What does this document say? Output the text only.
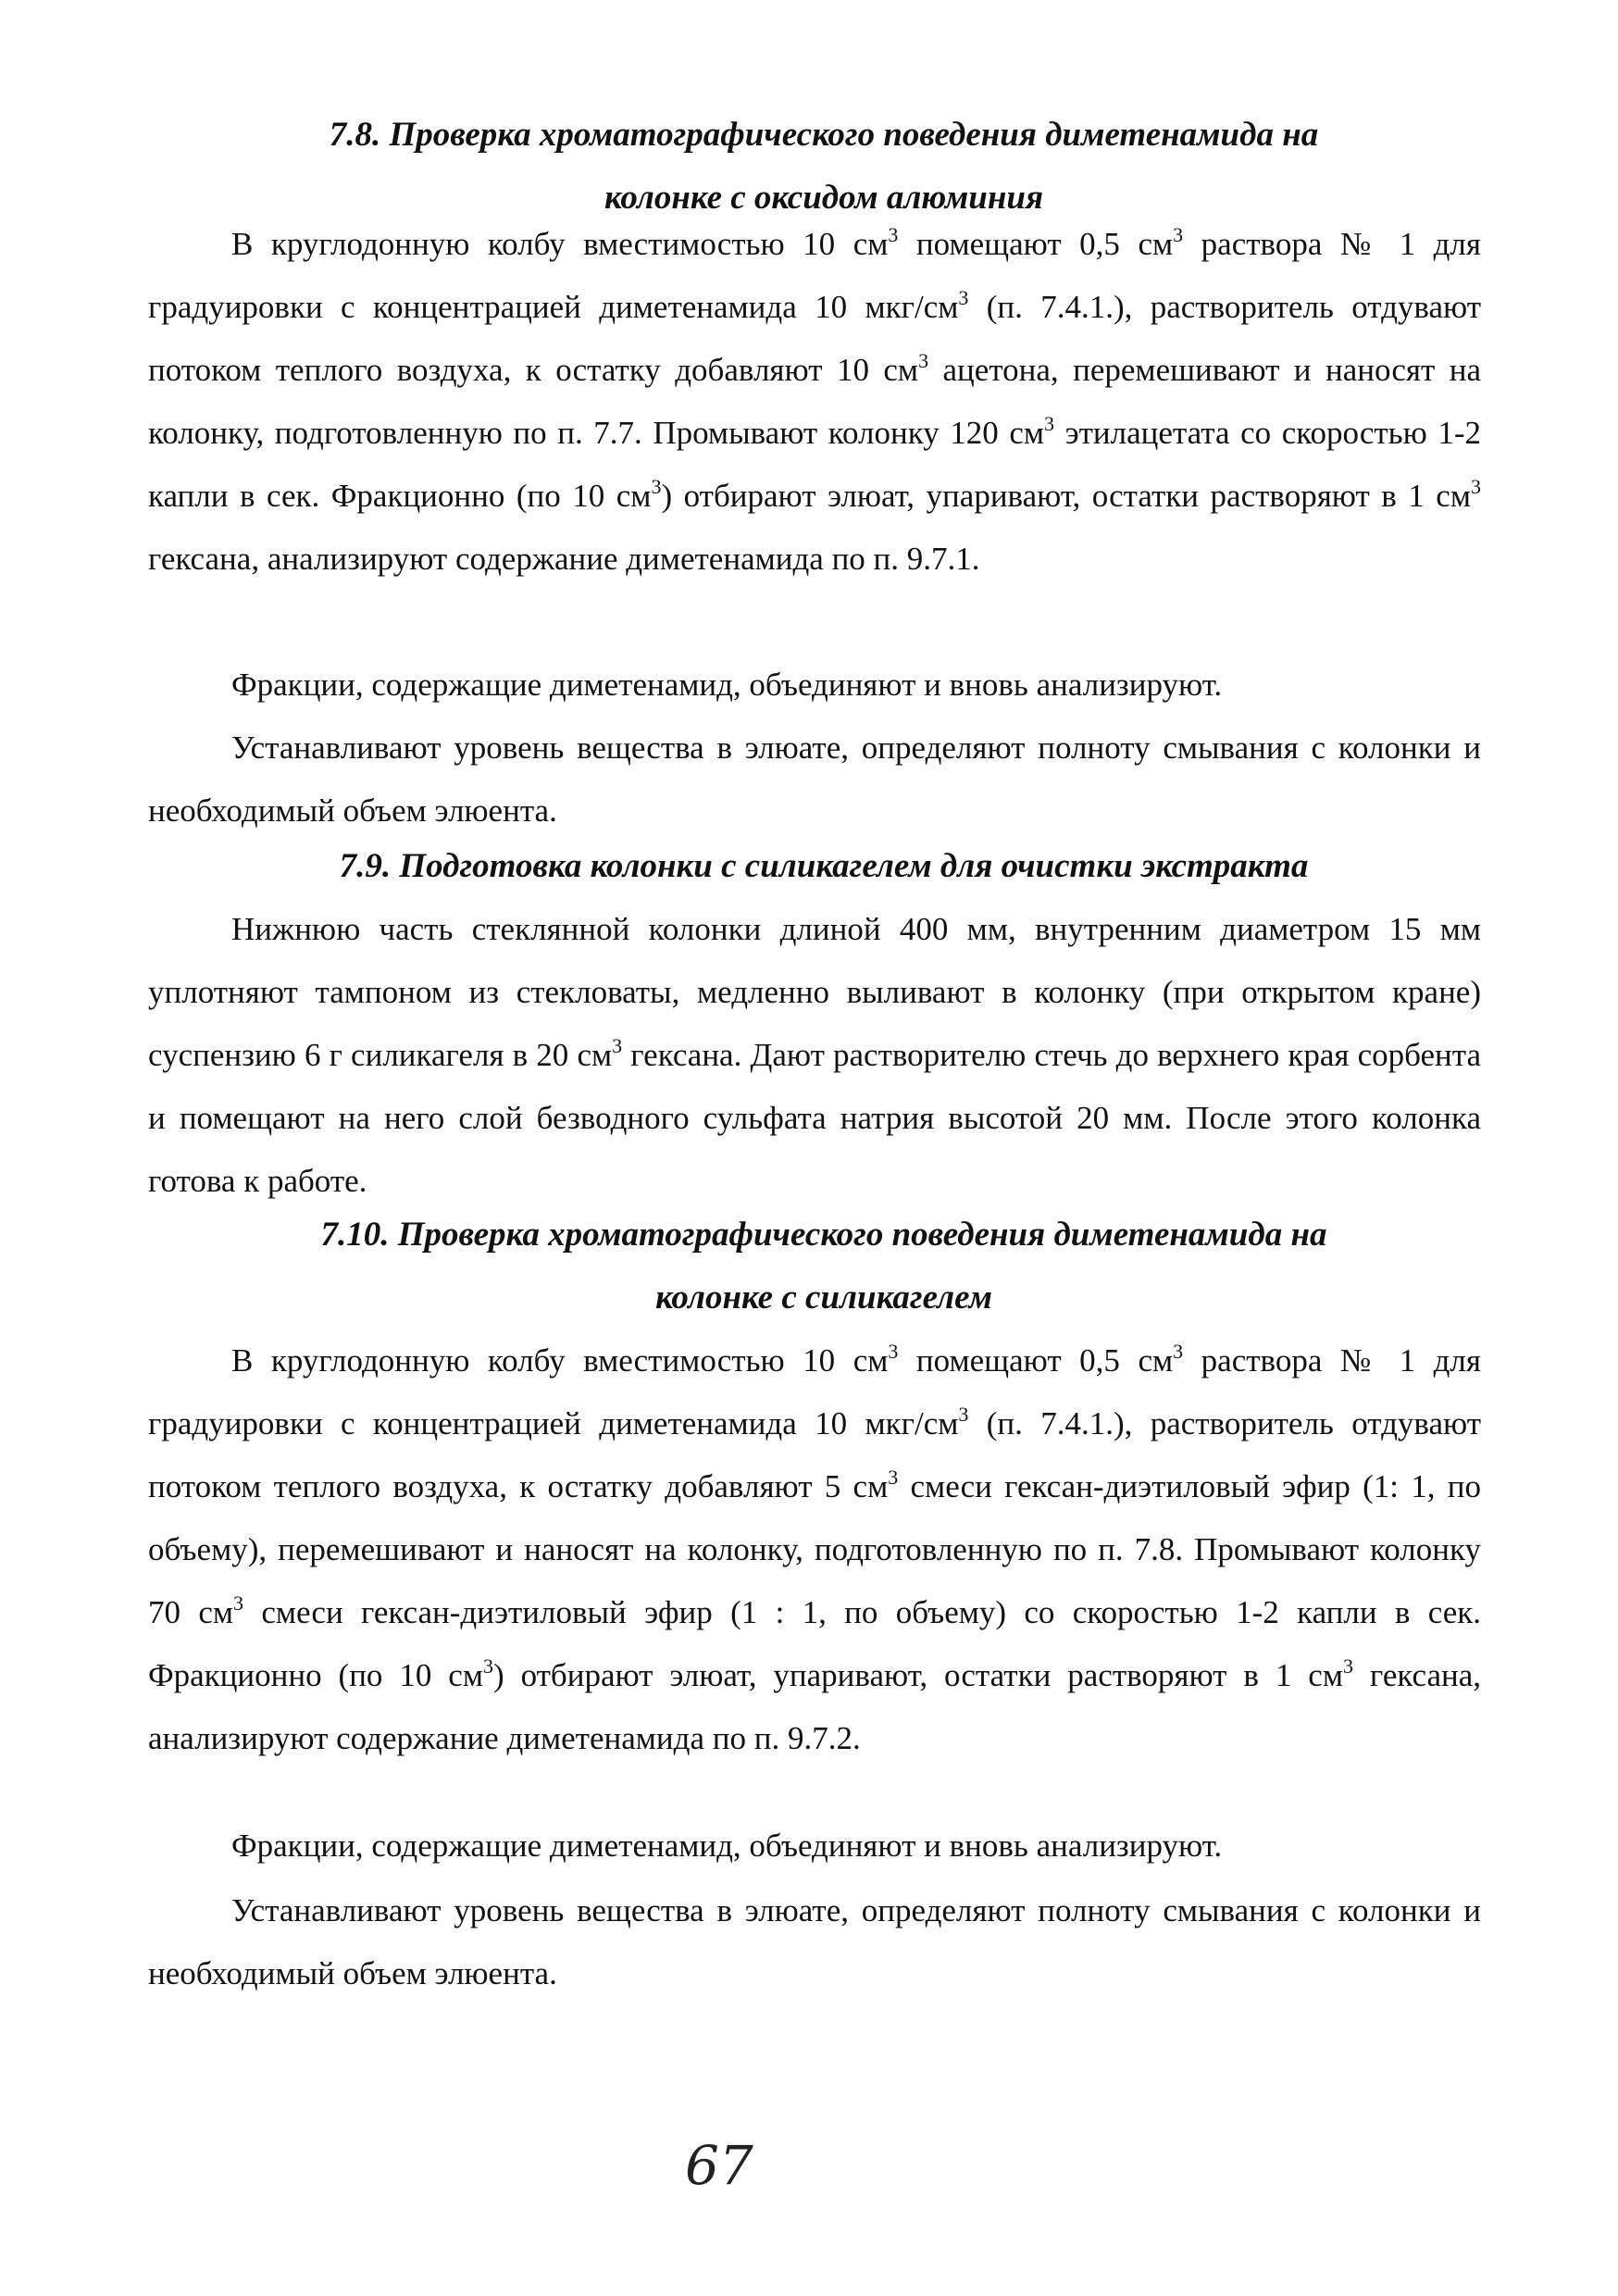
7.8. Проверка хроматографического поведения диметенамида на
колонке с оксидом алюминия
В круглодонную колбу вместимостью 10 $см^3$ помещают 0,5 $см^3$ раствора № 1 для градуировки с концентрацией диметенамида 10 мкг/$см^3$ (п. 7.4.1.), растворитель отдувают потоком теплого воздуха, к остатку добавляют 10 $см^3$ ацетона, перемешивают и наносят на колонку, подготовленную по п. 7.7. Промывают колонку 120 $см^3$ этилацетата со скоростью 1-2 капли в сек. Фракционно (по 10 $см^3$) отбирают элюат, упаривают, остатки растворяют в 1 $см^3$ гексана, анализируют содержание диметенамида по п. 9.7.1.
Фракции, содержащие диметенамид, объединяют и вновь анализируют.
Устанавливают уровень вещества в элюате, определяют полноту смывания с колонки и необходимый объем элюента.
7.9. Подготовка колонки с силикагелем для очистки экстракта
Нижнюю часть стеклянной колонки длиной 400 мм, внутренним диаметром 15 мм уплотняют тампоном из стекловаты, медленно выливают в колонку (при открытом кране) суспензию 6 г силикагеля в 20 $см^3$ гексана. Дают растворителю стечь до верхнего края сорбента и помещают на него слой безводного сульфата натрия высотой 20 мм. После этого колонка готова к работе.
7.10. Проверка хроматографического поведения диметенамида на
колонке с силикагелем
В круглодонную колбу вместимостью 10 $см^3$ помещают 0,5 $см^3$ раствора № 1 для градуировки с концентрацией диметенамида 10 мкг/$см^3$ (п. 7.4.1.), растворитель отдувают потоком теплого воздуха, к остатку добавляют 5 $см^3$ смеси гексан-диэтиловый эфир (1: 1, по объему), перемешивают и наносят на колонку, подготовленную по п. 7.8. Промывают колонку 70 $см^3$ смеси гексан-диэтиловый эфир (1 : 1, по объему) со скоростью 1-2 капли в сек. Фракционно (по 10 $см^3$) отбирают элюат, упаривают, остатки растворяют в 1 $см^3$ гексана, анализируют содержание диметенамида по п. 9.7.2.
Фракции, содержащие диметенамид, объединяют и вновь анализируют.
Устанавливают уровень вещества в элюате, определяют полноту смывания с колонки и необходимый объем элюента.
67
